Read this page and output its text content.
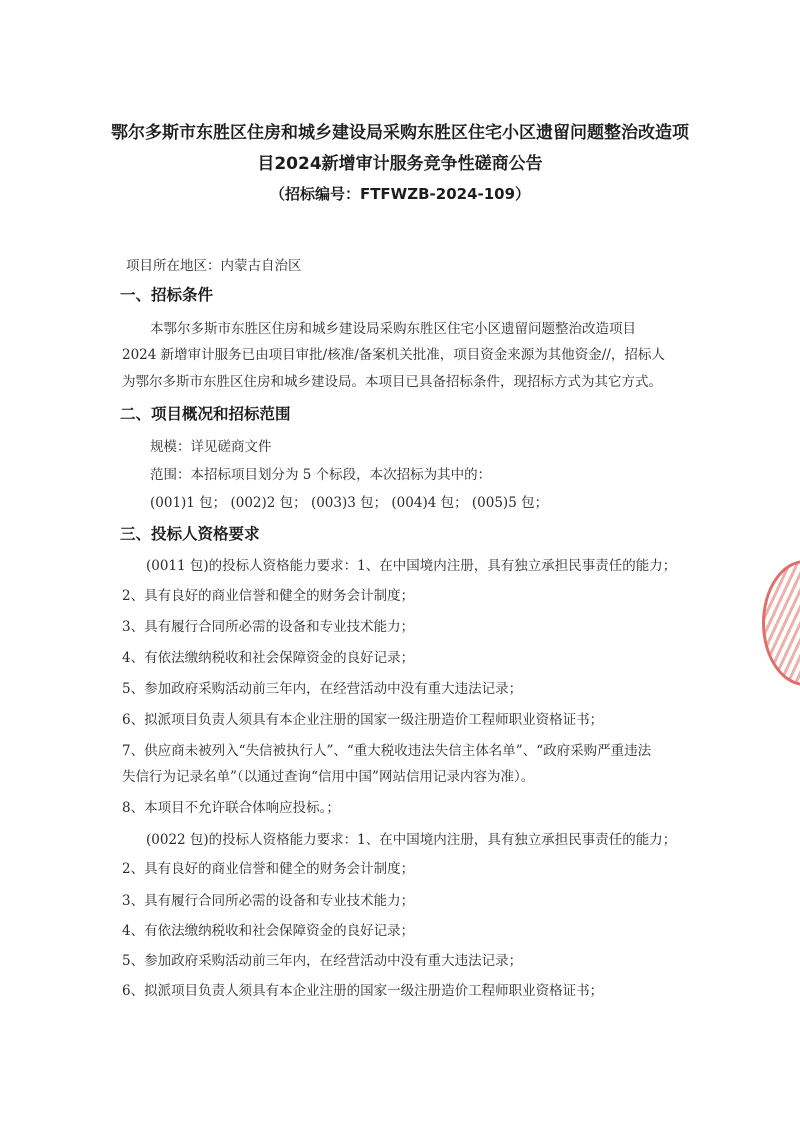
鄂尔多斯市东胜区住房和城乡建设局采购东胜区住宅小区遗留问题整治改造项
目2024新增审计服务竞争性磋商公告
（招标编号：FTFWZB-2024-109）
项目所在地区：内蒙古自治区
一、招标条件
本鄂尔多斯市东胜区住房和城乡建设局采购东胜区住宅小区遗留问题整治改造项目
2024 新增审计服务已由项目审批/核准/备案机关批准，项目资金来源为其他资金//，招标人
为鄂尔多斯市东胜区住房和城乡建设局。本项目已具备招标条件，现招标方式为其它方式。
二、项目概况和招标范围
规模：详见磋商文件
范围：本招标项目划分为 5 个标段，本次招标为其中的：
(001)1 包； (002)2 包； (003)3 包； (004)4 包； (005)5 包；
三、投标人资格要求
(0011 包)的投标人资格能力要求：1、在中国境内注册，具有独立承担民事责任的能力；
2、具有良好的商业信誉和健全的财务会计制度；
3、具有履行合同所必需的设备和专业技术能力；
4、有依法缴纳税收和社会保障资金的良好记录；
5、参加政府采购活动前三年内，在经营活动中没有重大违法记录；
6、拟派项目负责人须具有本企业注册的国家一级注册造价工程师职业资格证书；
7、供应商未被列入“失信被执行人”、“重大税收违法失信主体名单”、“政府采购严重违法
失信行为记录名单”（以通过查询“信用中国”网站信用记录内容为准）。
8、本项目不允许联合体响应投标。；
(0022 包)的投标人资格能力要求：1、在中国境内注册，具有独立承担民事责任的能力；
2、具有良好的商业信誉和健全的财务会计制度；
3、具有履行合同所必需的设备和专业技术能力；
4、有依法缴纳税收和社会保障资金的良好记录；
5、参加政府采购活动前三年内，在经营活动中没有重大违法记录；
6、拟派项目负责人须具有本企业注册的国家一级注册造价工程师职业资格证书；
